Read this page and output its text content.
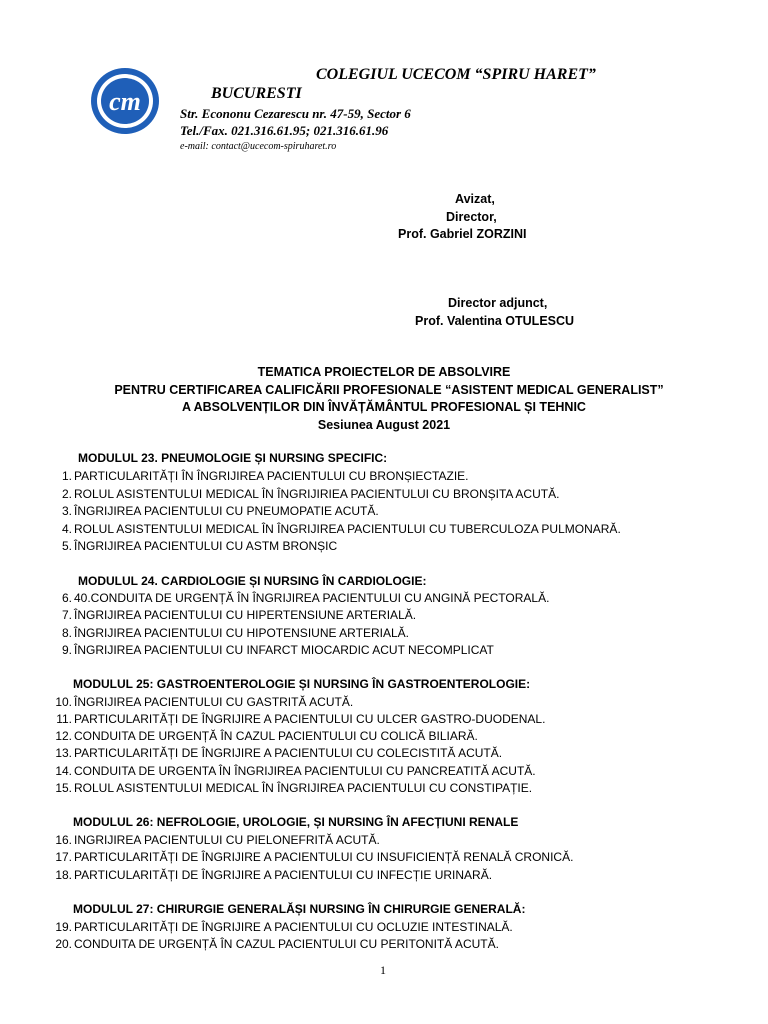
cm
COLEGIUL UCECOM “SPIRU HARET”
BUCURESTI
Str. Econonu Cezarescu nr. 47-59, Sector 6
Tel./Fax. 021.316.61.95; 021.316.61.96
e-mail: contact@ucecom-spiruharet.ro
Avizat,
Director,
Prof. Gabriel ZORZINI
Director adjunct,
Prof. Valentina OTULESCU
TEMATICA PROIECTELOR DE ABSOLVIRE
PENTRU CERTIFICAREA CALIFICĂRII PROFESIONALE “ASISTENT MEDICAL GENERALIST”
A ABSOLVENȚILOR DIN ÎNVĂȚĂMÂNTUL PROFESIONAL ȘI TEHNIC
Sesiunea August 2021
MODULUL 23. PNEUMOLOGIE ȘI NURSING SPECIFIC:
1. PARTICULARITĂȚI ÎN ÎNGRIJIREA PACIENTULUI CU BRONȘIECTAZIE.
2. ROLUL ASISTENTULUI MEDICAL ÎN ÎNGRIJIRIEA PACIENTULUI CU BRONȘITA ACUTĂ.
3. ÎNGRIJIREA PACIENTULUI CU PNEUMOPATIE ACUTĂ.
4. ROLUL ASISTENTULUI MEDICAL ÎN ÎNGRIJIREA PACIENTULUI CU TUBERCULOZA PULMONARĂ.
5. ÎNGRIJIREA PACIENTULUI CU ASTM BRONȘIC
MODULUL 24. CARDIOLOGIE ȘI NURSING ÎN CARDIOLOGIE:
6. 40.CONDUITA DE URGENȚĂ ÎN ÎNGRIJIREA PACIENTULUI CU ANGINĂ PECTORALĂ.
7. ÎNGRIJIREA PACIENTULUI CU HIPERTENSIUNE ARTERIALĂ.
8. ÎNGRIJIREA PACIENTULUI CU HIPOTENSIUNE ARTERIALĂ.
9. ÎNGRIJIREA PACIENTULUI CU INFARCT MIOCARDIC ACUT NECOMPLICAT
MODULUL 25: GASTROENTEROLOGIE ȘI NURSING ÎN GASTROENTEROLOGIE:
10. ÎNGRIJIREA PACIENTULUI CU GASTRITĂ ACUTĂ.
11. PARTICULARITĂȚI DE ÎNGRIJIRE A PACIENTULUI CU ULCER GASTRO-DUODENAL.
12. CONDUITA DE URGENȚĂ ÎN CAZUL PACIENTULUI CU COLICĂ BILIARĂ.
13. PARTICULARITĂȚI DE ÎNGRIJIRE A PACIENTULUI CU COLECISTITĂ ACUTĂ.
14. CONDUITA DE URGENTA ÎN ÎNGRIJIREA PACIENTULUI CU PANCREATITĂ ACUTĂ.
15. ROLUL ASISTENTULUI MEDICAL ÎN ÎNGRIJIREA PACIENTULUI CU CONSTIPAȚIE.
MODULUL 26: NEFROLOGIE, UROLOGIE, ȘI NURSING ÎN AFECȚIUNI RENALE
16. INGRIJIREA PACIENTULUI CU PIELONEFRITĂ ACUTĂ.
17. PARTICULARITĂȚI DE ÎNGRIJIRE A PACIENTULUI CU INSUFICIENȚĂ RENALĂ CRONICĂ.
18. PARTICULARITĂȚI DE ÎNGRIJIRE A PACIENTULUI CU INFECȚIE URINARĂ.
MODULUL 27: CHIRURGIE GENERALĂȘI NURSING ÎN CHIRURGIE GENERALĂ:
19. PARTICULARITĂȚI DE ÎNGRIJIRE A PACIENTULUI CU OCLUZIE INTESTINALĂ.
20. CONDUITA DE URGENȚĂ ÎN CAZUL PACIENTULUI CU PERITONITĂ ACUTĂ.
1
